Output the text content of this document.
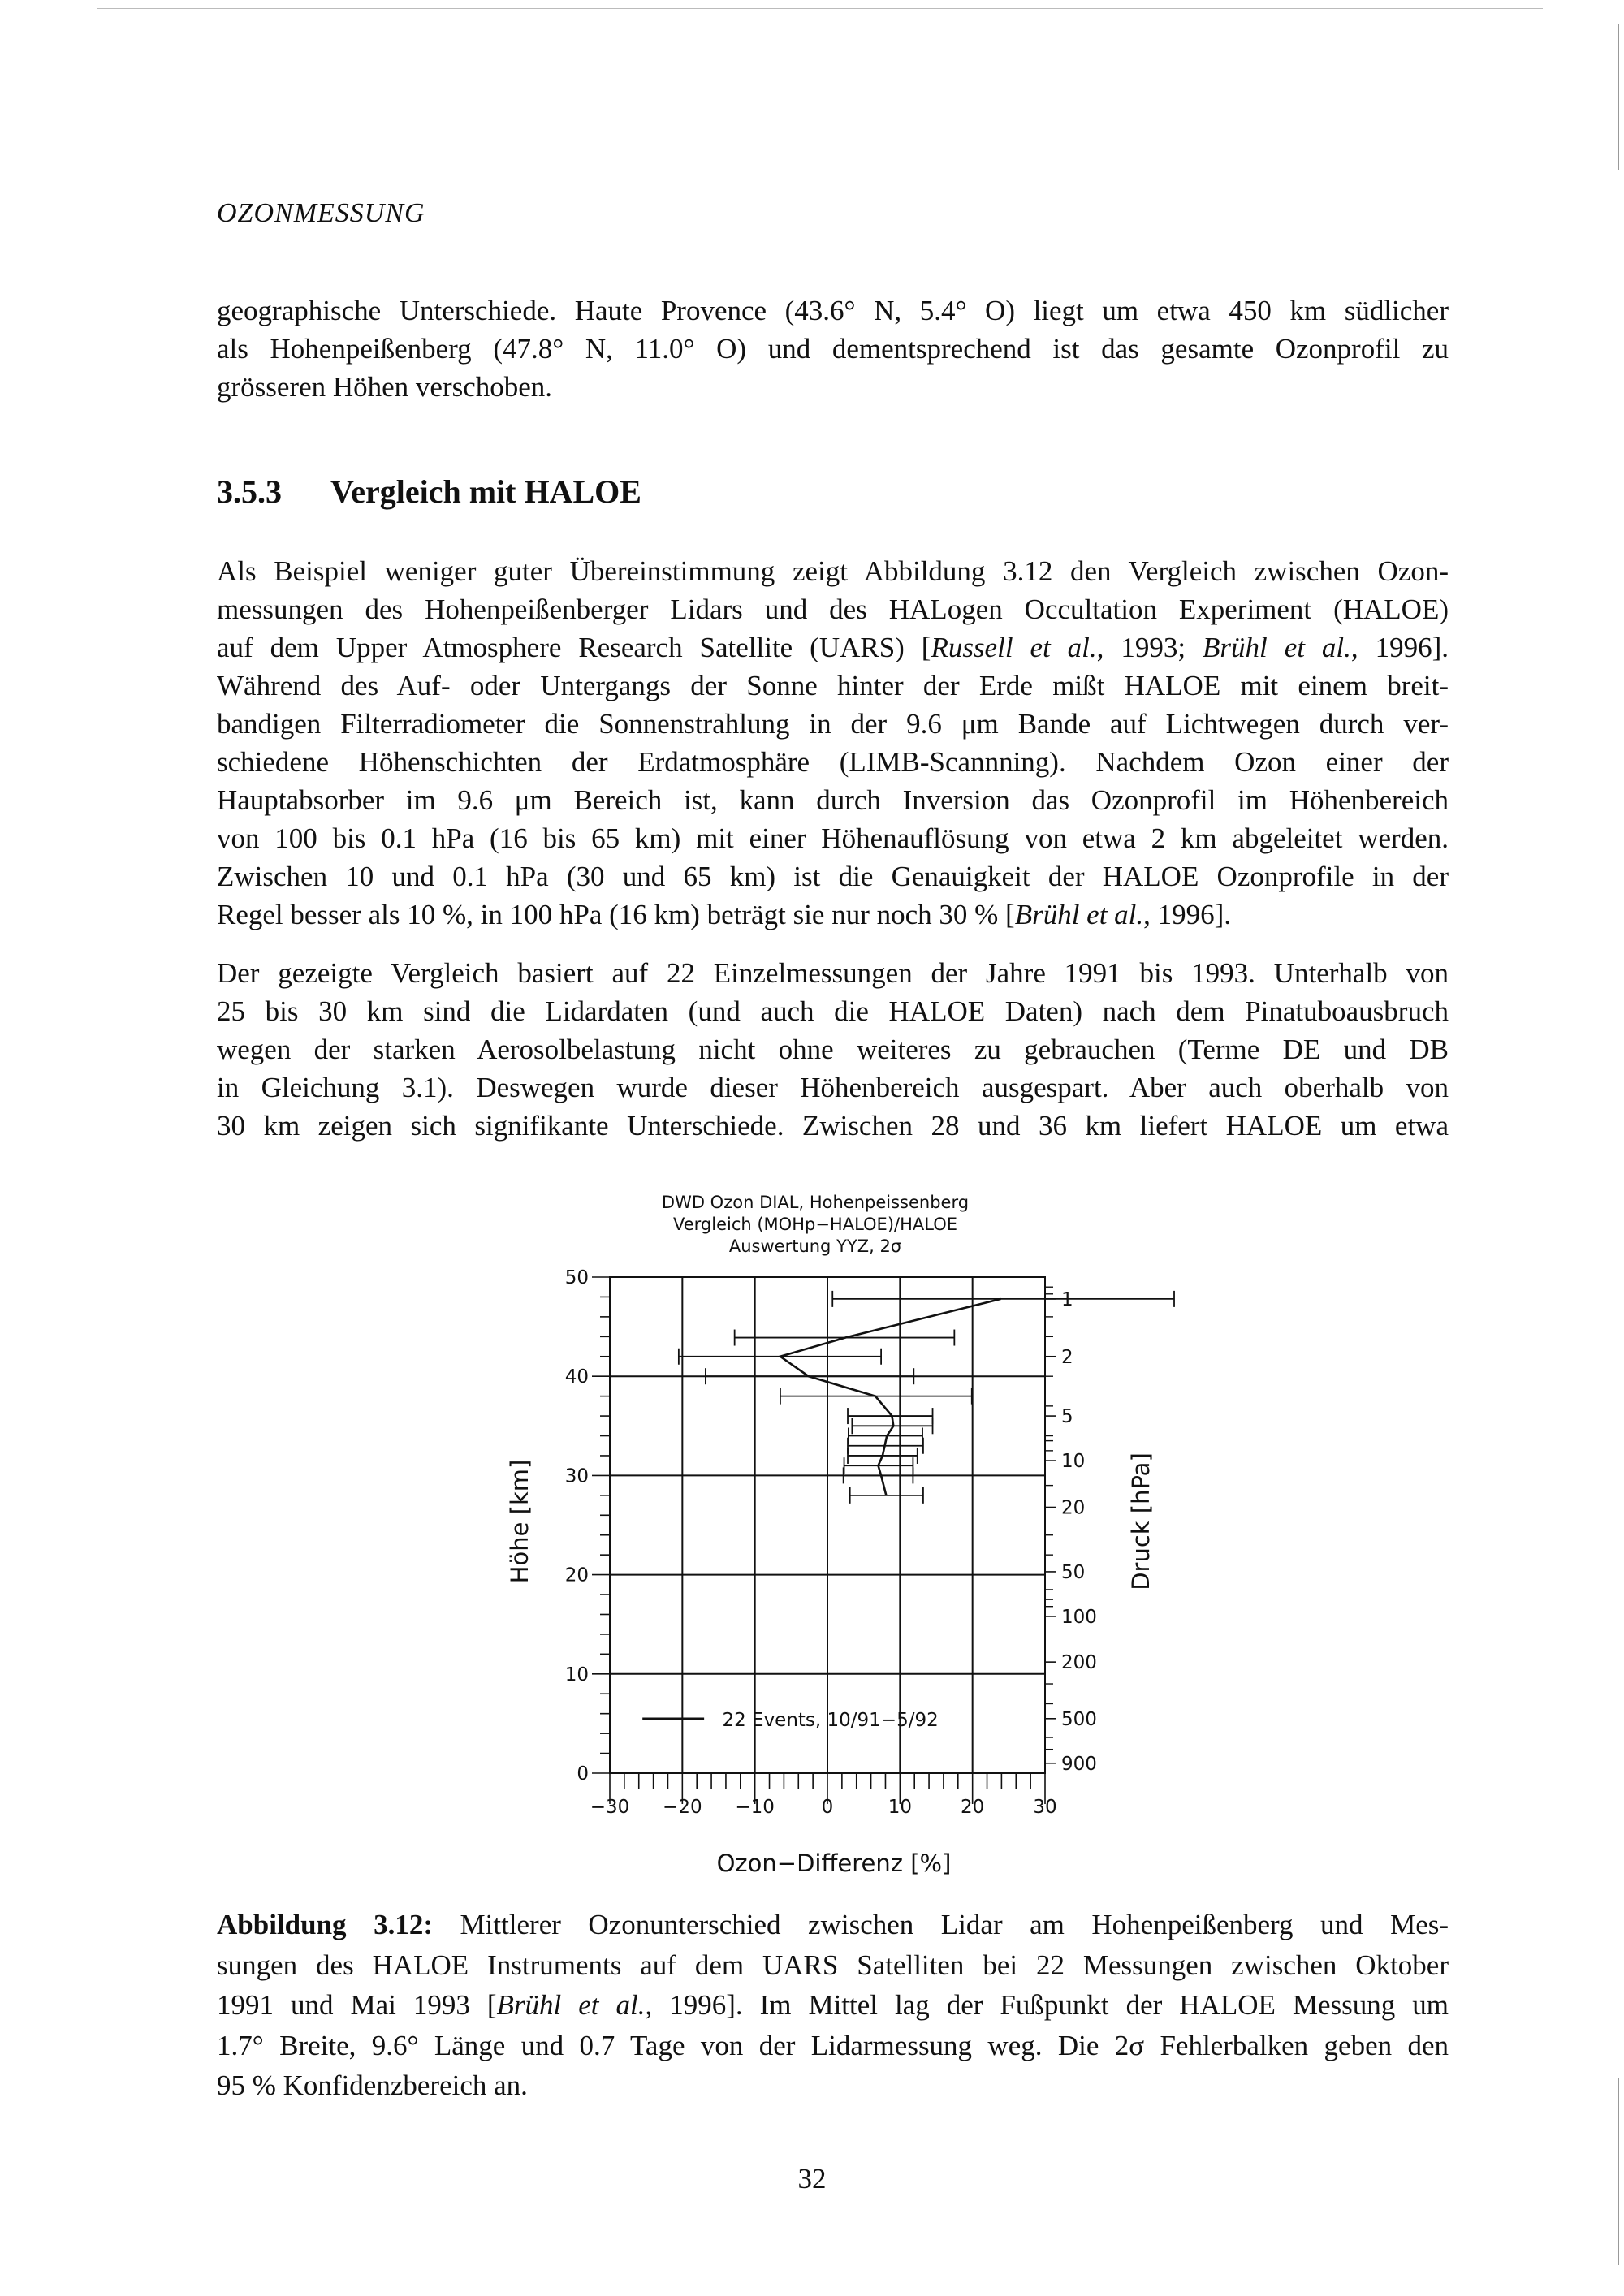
OZONMESSUNG
geographische Unterschiede. Haute Provence (43.6° N, 5.4° O) liegt um etwa 450 km südlicher
als Hohenpeißenberg (47.8° N, 11.0° O) und dementsprechend ist das gesamte Ozonprofil zu
grösseren Höhen verschoben.
3.5.3 Vergleich mit HALOE
Als Beispiel weniger guter Übereinstimmung zeigt Abbildung 3.12 den Vergleich zwischen Ozon-
messungen des Hohenpeißenberger Lidars und des HALogen Occultation Experiment (HALOE)
auf dem Upper Atmosphere Research Satellite (UARS) [Russell et al., 1993; Brühl et al., 1996].
Während des Auf- oder Untergangs der Sonne hinter der Erde mißt HALOE mit einem breit-
bandigen Filterradiometer die Sonnenstrahlung in der 9.6 μm Bande auf Lichtwegen durch ver-
schiedene Höhenschichten der Erdatmosphäre (LIMB-Scannning). Nachdem Ozon einer der
Hauptabsorber im 9.6 μm Bereich ist, kann durch Inversion das Ozonprofil im Höhenbereich
von 100 bis 0.1 hPa (16 bis 65 km) mit einer Höhenauflösung von etwa 2 km abgeleitet werden.
Zwischen 10 und 0.1 hPa (30 und 65 km) ist die Genauigkeit der HALOE Ozonprofile in der
Regel besser als 10 %, in 100 hPa (16 km) beträgt sie nur noch 30 % [Brühl et al., 1996].
Der gezeigte Vergleich basiert auf 22 Einzelmessungen der Jahre 1991 bis 1993. Unterhalb von
25 bis 30 km sind die Lidardaten (und auch die HALOE Daten) nach dem Pinatuboausbruch
wegen der starken Aerosolbelastung nicht ohne weiteres zu gebrauchen (Terme DE und DB
in Gleichung 3.1). Deswegen wurde dieser Höhenbereich ausgespart. Aber auch oberhalb von
30 km zeigen sich signifikante Unterschiede. Zwischen 28 und 36 km liefert HALOE um etwa
DWD Ozon DIAL, Hohenpeissenberg
Vergleich (MOHp−HALOE)/HALOE
Auswertung YYZ, 2σ
−30 −20 −10	0	10	20	30
0
10
20
30
40
50
1
2
5
10
20
50
100
200
500
900
Ozon−Differenz [%]
Höhe [km]	Druck [hPa]
22 Events, 10/91−5/92
Abbildung 3.12: Mittlerer Ozonunterschied zwischen Lidar am Hohenpeißenberg und Mes-
sungen des HALOE Instruments auf dem UARS Satelliten bei 22 Messungen zwischen Oktober
1991 und Mai 1993 [Brühl et al., 1996]. Im Mittel lag der Fußpunkt der HALOE Messung um
1.7° Breite, 9.6° Länge und 0.7 Tage von der Lidarmessung weg. Die 2σ Fehlerbalken geben den
95 % Konfidenzbereich an.
32
